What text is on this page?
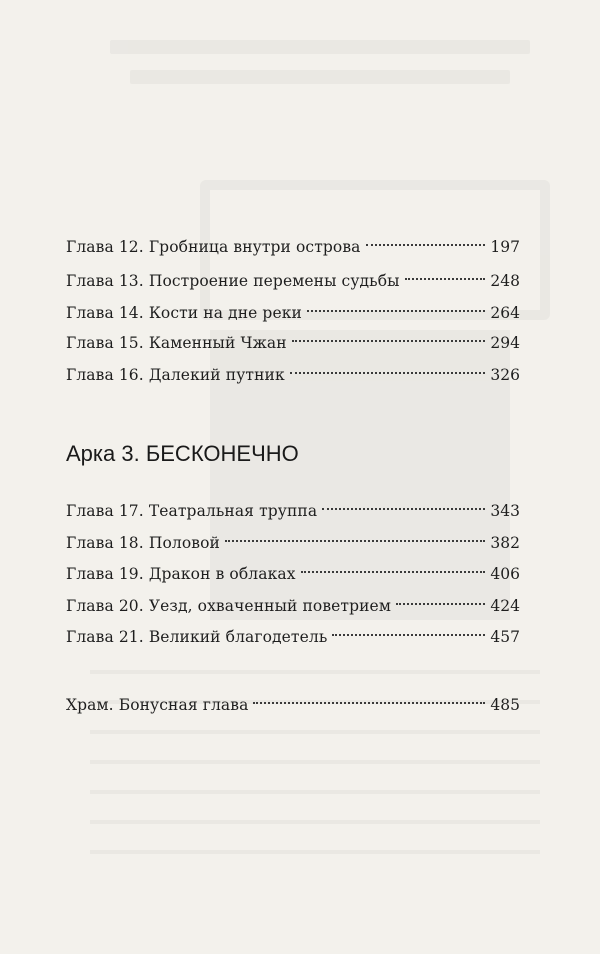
Глава 12. Гробница внутри острова	197
Глава 13. Построение перемены судьбы	248
Глава 14. Кости на дне реки	264
Глава 15. Каменный Чжан	294
Глава 16. Далекий путник	326
Арка 3. БЕСКОНЕЧНО
Глава 17. Театральная труппа	343
Глава 18. Половой	382
Глава 19. Дракон в облаках	406
Глава 20. Уезд, охваченный поветрием	424
Глава 21. Великий благодетель	457
Храм. Бонусная глава	485
